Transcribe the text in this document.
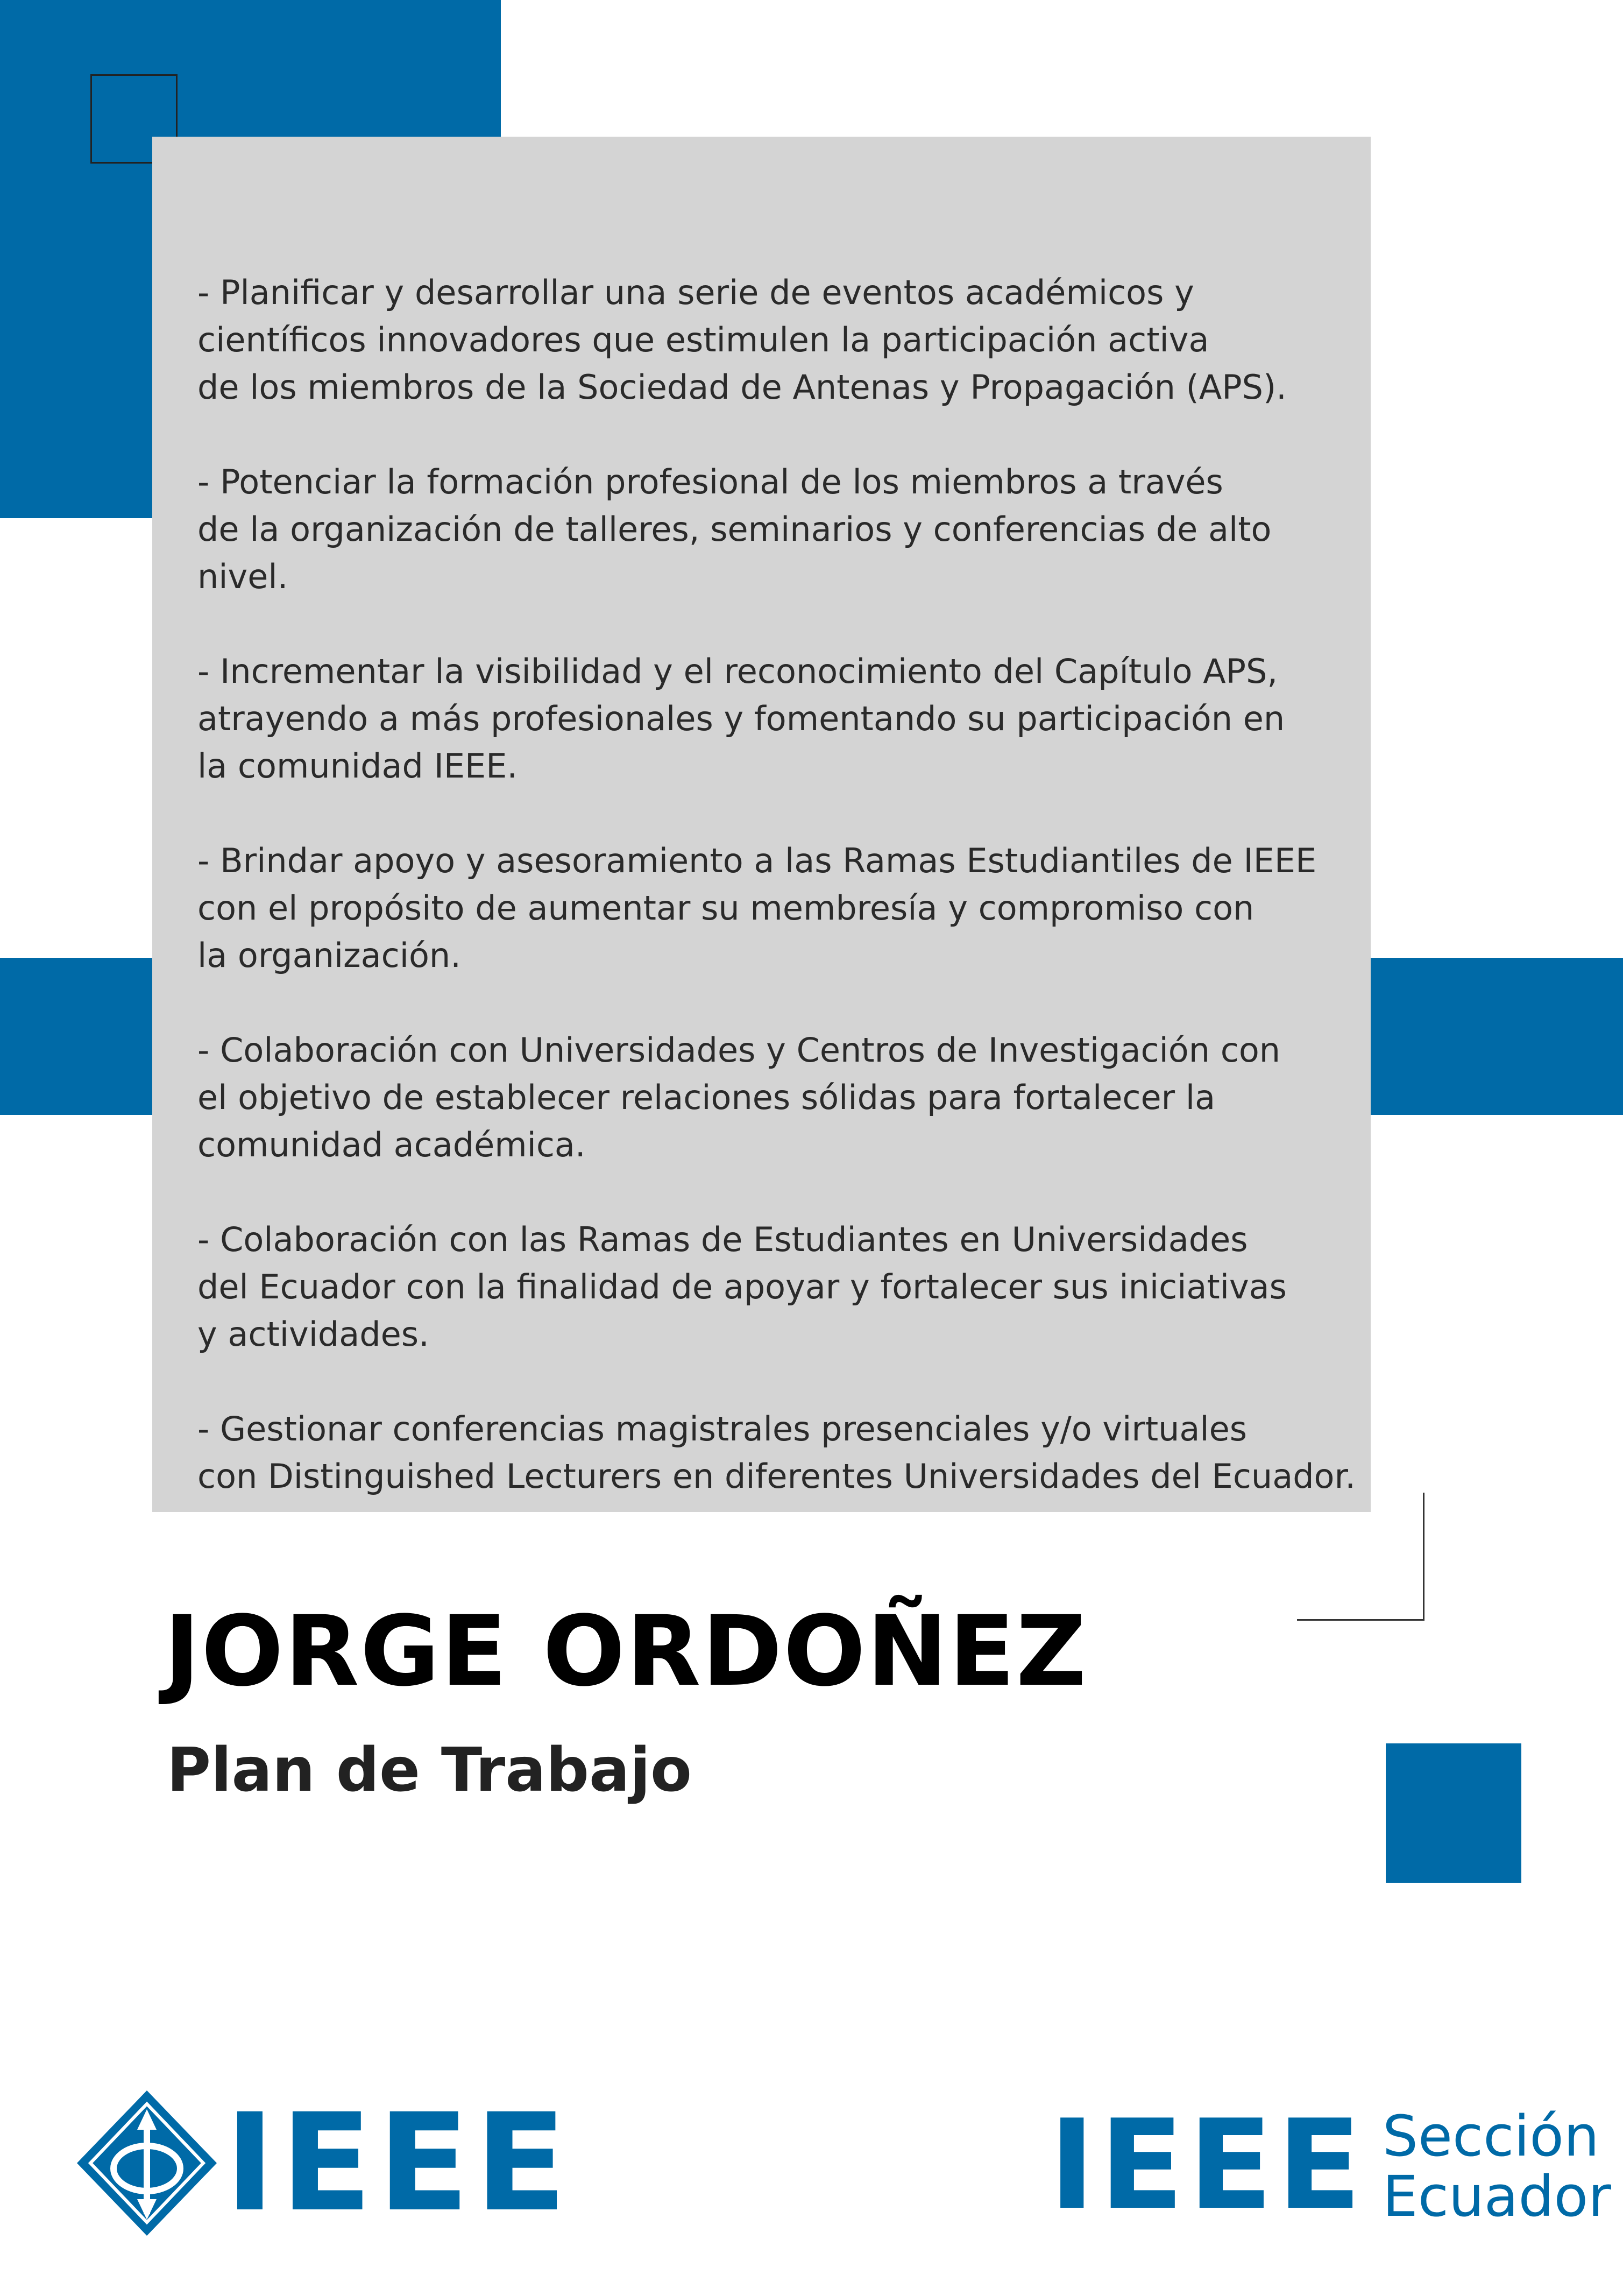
- Planificar y desarrollar una serie de eventos académicos y
científicos innovadores que estimulen la participación activa
de los miembros de la Sociedad de Antenas y Propagación (APS).
- Potenciar la formación profesional de los miembros a través
de la organización de talleres, seminarios y conferencias de alto nivel.
- Incrementar la visibilidad y el reconocimiento del Capítulo APS,
atrayendo a más profesionales y fomentando su participación en
la comunidad IEEE.
- Brindar apoyo y asesoramiento a las Ramas Estudiantiles de IEEE
con el propósito de aumentar su membresía y compromiso con
la organización.
- Colaboración con Universidades y Centros de Investigación con
el objetivo de establecer relaciones sólidas para fortalecer la
comunidad académica.
- Colaboración con las Ramas de Estudiantes en Universidades
del Ecuador con la finalidad de apoyar y fortalecer sus iniciativas
y actividades.
- Gestionar conferencias magistrales presenciales y/o virtuales
con Distinguished Lecturers en diferentes Universidades del Ecuador.
JORGE ORDOÑEZ
Plan de Trabajo
IEEE	IEEE Sección
Ecuador
